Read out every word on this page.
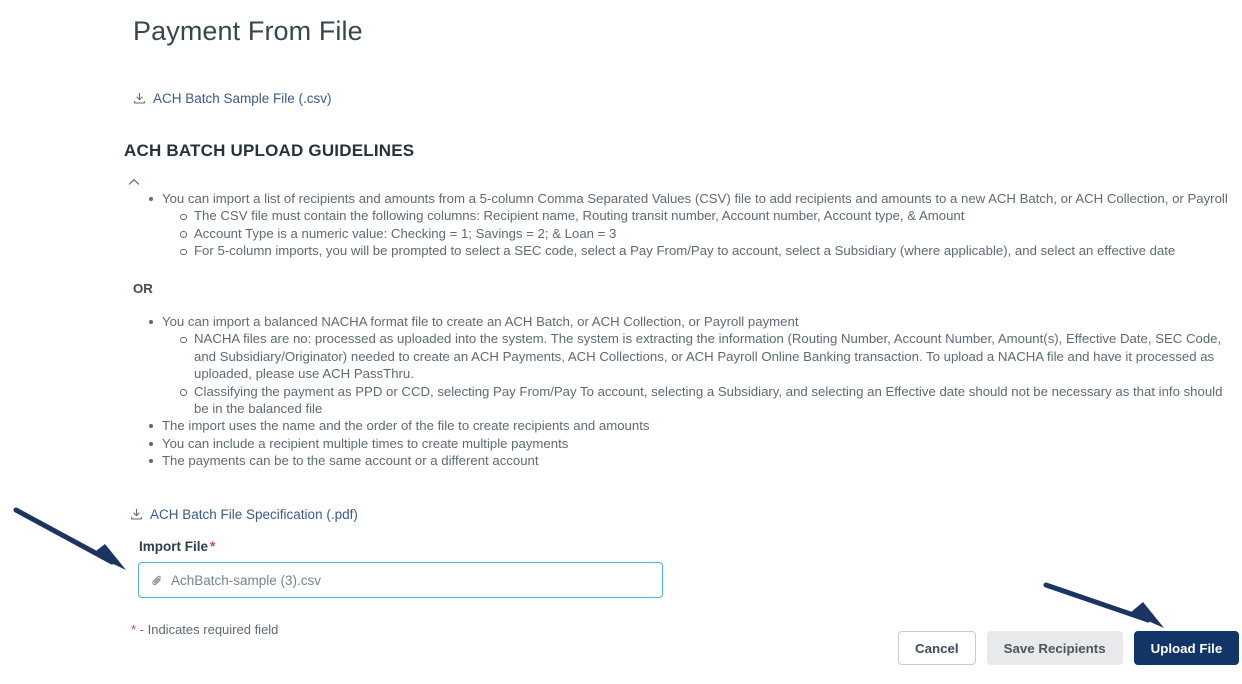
Payment From File
ACH Batch Sample File (.csv)
ACH BATCH UPLOAD GUIDELINES
You can import a list of recipients and amounts from a 5-column Comma Separated Values (CSV) file to add recipients and amounts to a new ACH Batch, or ACH Collection, or Payroll
The CSV file must contain the following columns: Recipient name, Routing transit number, Account number, Account type, & Amount
Account Type is a numeric value: Checking = 1; Savings = 2; & Loan = 3
For 5-column imports, you will be prompted to select a SEC code, select a Pay From/Pay to account, select a Subsidiary (where applicable), and select an effective date
OR
You can import a balanced NACHA format file to create an ACH Batch, or ACH Collection, or Payroll payment
NACHA files are no: processed as uploaded into the system. The system is extracting the information (Routing Number, Account Number, Amount(s), Effective Date, SEC Code, and Subsidiary/Originator) needed to create an ACH Payments, ACH Collections, or ACH Payroll Online Banking transaction. To upload a NACHA file and have it processed as uploaded, please use ACH PassThru.
Classifying the payment as PPD or CCD, selecting Pay From/Pay To account, selecting a Subsidiary, and selecting an Effective date should not be necessary as that info should be in the balanced file
The import uses the name and the order of the file to create recipients and amounts
You can include a recipient multiple times to create multiple payments
The payments can be to the same account or a different account
ACH Batch File Specification (.pdf)
Import File *
AchBatch-sample (3).csv
* - Indicates required field
Cancel	Save Recipients	Upload File
